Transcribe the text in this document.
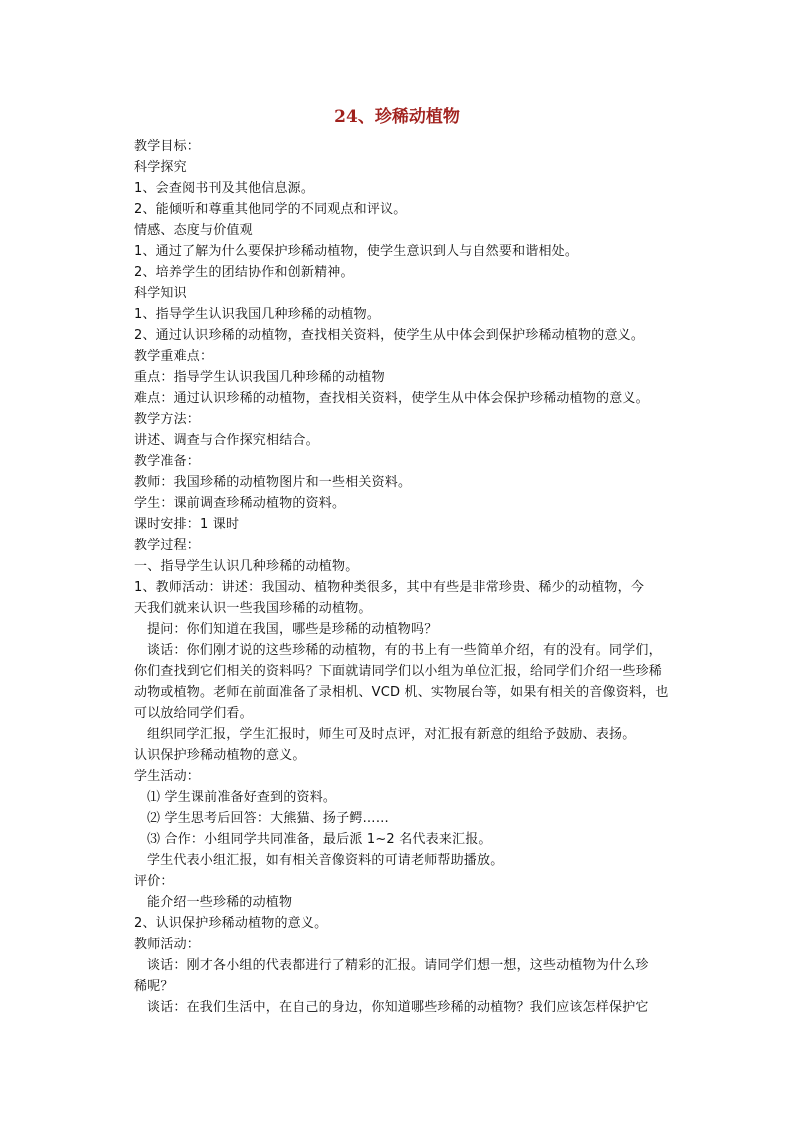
24、珍稀动植物
教学目标：
科学探究
1、会查阅书刊及其他信息源。
2、能倾听和尊重其他同学的不同观点和评议。
情感、态度与价值观
1、通过了解为什么要保护珍稀动植物，使学生意识到人与自然要和谐相处。
2、培养学生的团结协作和创新精神。
科学知识
1、指导学生认识我国几种珍稀的动植物。
2、通过认识珍稀的动植物，查找相关资料，使学生从中体会到保护珍稀动植物的意义。
教学重难点：
重点：指导学生认识我国几种珍稀的动植物
难点：通过认识珍稀的动植物，查找相关资料，使学生从中体会保护珍稀动植物的意义。
教学方法：
讲述、调查与合作探究相结合。
教学准备：
教师：我国珍稀的动植物图片和一些相关资料。
学生：课前调查珍稀动植物的资料。
课时安排：1 课时
教学过程：
一、指导学生认识几种珍稀的动植物。
1、教师活动：讲述：我国动、植物种类很多，其中有些是非常珍贵、稀少的动植物，今
天我们就来认识一些我国珍稀的动植物。
提问：你们知道在我国，哪些是珍稀的动植物吗？
谈话：你们刚才说的这些珍稀的动植物，有的书上有一些简单介绍，有的没有。同学们，
你们查找到它们相关的资料吗？下面就请同学们以小组为单位汇报，给同学们介绍一些珍稀
动物或植物。老师在前面准备了录相机、VCD 机、实物展台等，如果有相关的音像资料，也
可以放给同学们看。
组织同学汇报，学生汇报时，师生可及时点评，对汇报有新意的组给予鼓励、表扬。
认识保护珍稀动植物的意义。
学生活动：
⑴ 学生课前准备好查到的资料。
⑵ 学生思考后回答：大熊猫、扬子鳄……
⑶ 合作：小组同学共同准备，最后派 1~2 名代表来汇报。
学生代表小组汇报，如有相关音像资料的可请老师帮助播放。
评价：
能介绍一些珍稀的动植物
2、认识保护珍稀动植物的意义。
教师活动：
谈话：刚才各小组的代表都进行了精彩的汇报。请同学们想一想，这些动植物为什么珍
稀呢？
谈话：在我们生活中，在自己的身边，你知道哪些珍稀的动植物？我们应该怎样保护它
